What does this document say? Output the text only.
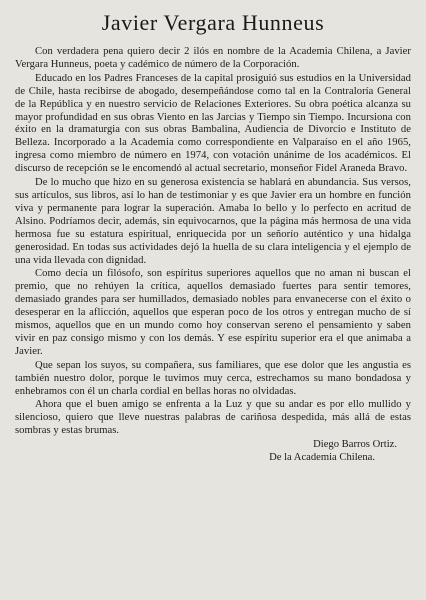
Javier Vergara Hunneus

Con verdadera pena quiero decir 2 ilós en nombre de la Academia Chilena, a Javier Vergara Hunneus, poeta y cadémico de número de la Corporación.

Educado en los Padres Franceses de la capital prosiguió sus estudios en la Universidad de Chile, hasta recibirse de abogado, desempeñándose como tal en la Contraloría General de la República y en nuestro servicio de Relaciones Exteriores. Su obra poética alcanza su mayor profundidad en sus obras Viento en las Jarcias y Tiempo sin Tiempo. Incursiona con éxito en la dramaturgia con sus obras Bambalina, Audiencia de Divorcio e Instituto de Belleza. Incorporado a la Academia como correspondiente en Valparaíso en el año 1965, ingresa como miembro de número en 1974, con votación unánime de los académicos. El discurso de recepción se le encomendó al actual secretario, monseñor Fidel Araneda Bravo.

De lo mucho que hizo en su generosa existencia se hablará en abundancia. Sus versos, sus artículos, sus libros, así lo han de testimoniar y es que Javier era un hombre en función viva y permanente para lograr la superación. Amaba lo bello y lo perfecto en acritud de Alsino. Podríamos decir, además, sin equivocarnos, que la página más hermosa de una vida hermosa fue su estatura espiritual, enriquecida por un señorío auténtico y una hidalga generosidad. En todas sus actividades dejó la huella de su clara inteligencia y el ejemplo de una vida llevada con dignidad.

Como decía un filósofo, son espíritus superiores aquellos que no aman ni buscan el premio, que no rehúyen la crítica, aquellos demasiado fuertes para sentir temores, demasiado grandes para ser humillados, demasiado nobles para envanecerse con el éxito o desesperar en la aflicción, aquellos que esperan poco de los otros y entregan mucho de sí mismos, aquellos que en un mundo como hoy conservan sereno el pensamiento y saben vivir en paz consigo mismo y con los demás. Y ese espíritu superior era el que animaba a Javier.

Que sepan los suyos, su compañera, sus familiares, que ese dolor que les angustia es también nuestro dolor, porque le tuvimos muy cerca, estrechamos su mano bondadosa y enhebramos con él un charla cordial en bellas horas no olvidadas.

Ahora que el buen amigo se enfrenta a la Luz y que su andar es por ello mullido y silencioso, quiero que lleve nuestras palabras de cariñosa despedida, más allá de estas sombras y estas brumas.

Diego Barros Ortiz.
De la Academia Chilena.
